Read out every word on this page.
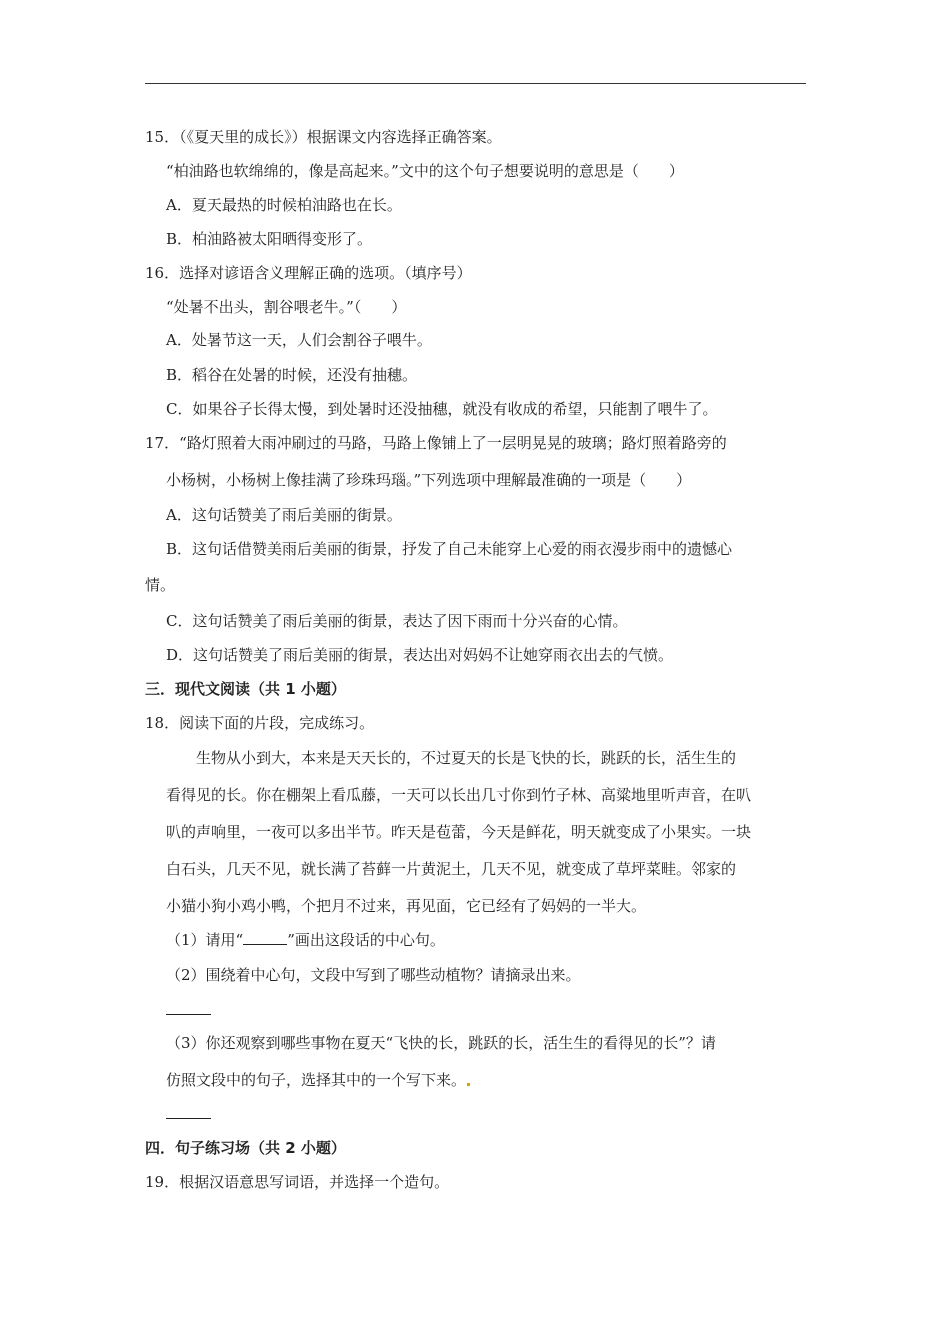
15．（《夏天里的成长》）根据课文内容选择正确答案。
“柏油路也软绵绵的，像是高起来。”文中的这个句子想要说明的意思是（　　）
A．夏天最热的时候柏油路也在长。
B．柏油路被太阳晒得变形了。
16．选择对谚语含义理解正确的选项。（填序号）
“处暑不出头，割谷喂老牛。”（　　）
A．处暑节这一天，人们会割谷子喂牛。
B．稻谷在处暑的时候，还没有抽穗。
C．如果谷子长得太慢，到处暑时还没抽穗，就没有收成的希望，只能割了喂牛了。
17．“路灯照着大雨冲刷过的马路，马路上像铺上了一层明晃晃的玻璃；路灯照着路旁的
小杨树，小杨树上像挂满了珍珠玛瑙。”下列选项中理解最准确的一项是（　　）
A．这句话赞美了雨后美丽的街景。
B．这句话借赞美雨后美丽的街景，抒发了自己未能穿上心爱的雨衣漫步雨中的遗憾心
情。
C．这句话赞美了雨后美丽的街景，表达了因下雨而十分兴奋的心情。
D．这句话赞美了雨后美丽的街景，表达出对妈妈不让她穿雨衣出去的气愤。
三．现代文阅读（共 1 小题）
18．阅读下面的片段，完成练习。
　　生物从小到大，本来是天天长的，不过夏天的长是飞快的长，跳跃的长，活生生的
看得见的长。你在棚架上看瓜藤，一天可以长出几寸你到竹子林、高粱地里听声音，在叭
叭的声响里，一夜可以多出半节。昨天是苞蕾，今天是鲜花，明天就变成了小果实。一块
白石头，几天不见，就长满了苔藓一片黄泥土，几天不见，就变成了草坪菜畦。邻家的
小猫小狗小鸡小鸭，个把月不过来，再见面，它已经有了妈妈的一半大。
（1）请用“	”画出这段话的中心句。
（2）围绕着中心句，文段中写到了哪些动植物？请摘录出来。
（3）你还观察到哪些事物在夏天“飞快的长，跳跃的长，活生生的看得见的长”？请
仿照文段中的句子，选择其中的一个写下来。
四．句子练习场（共 2 小题）
19．根据汉语意思写词语，并选择一个造句。
